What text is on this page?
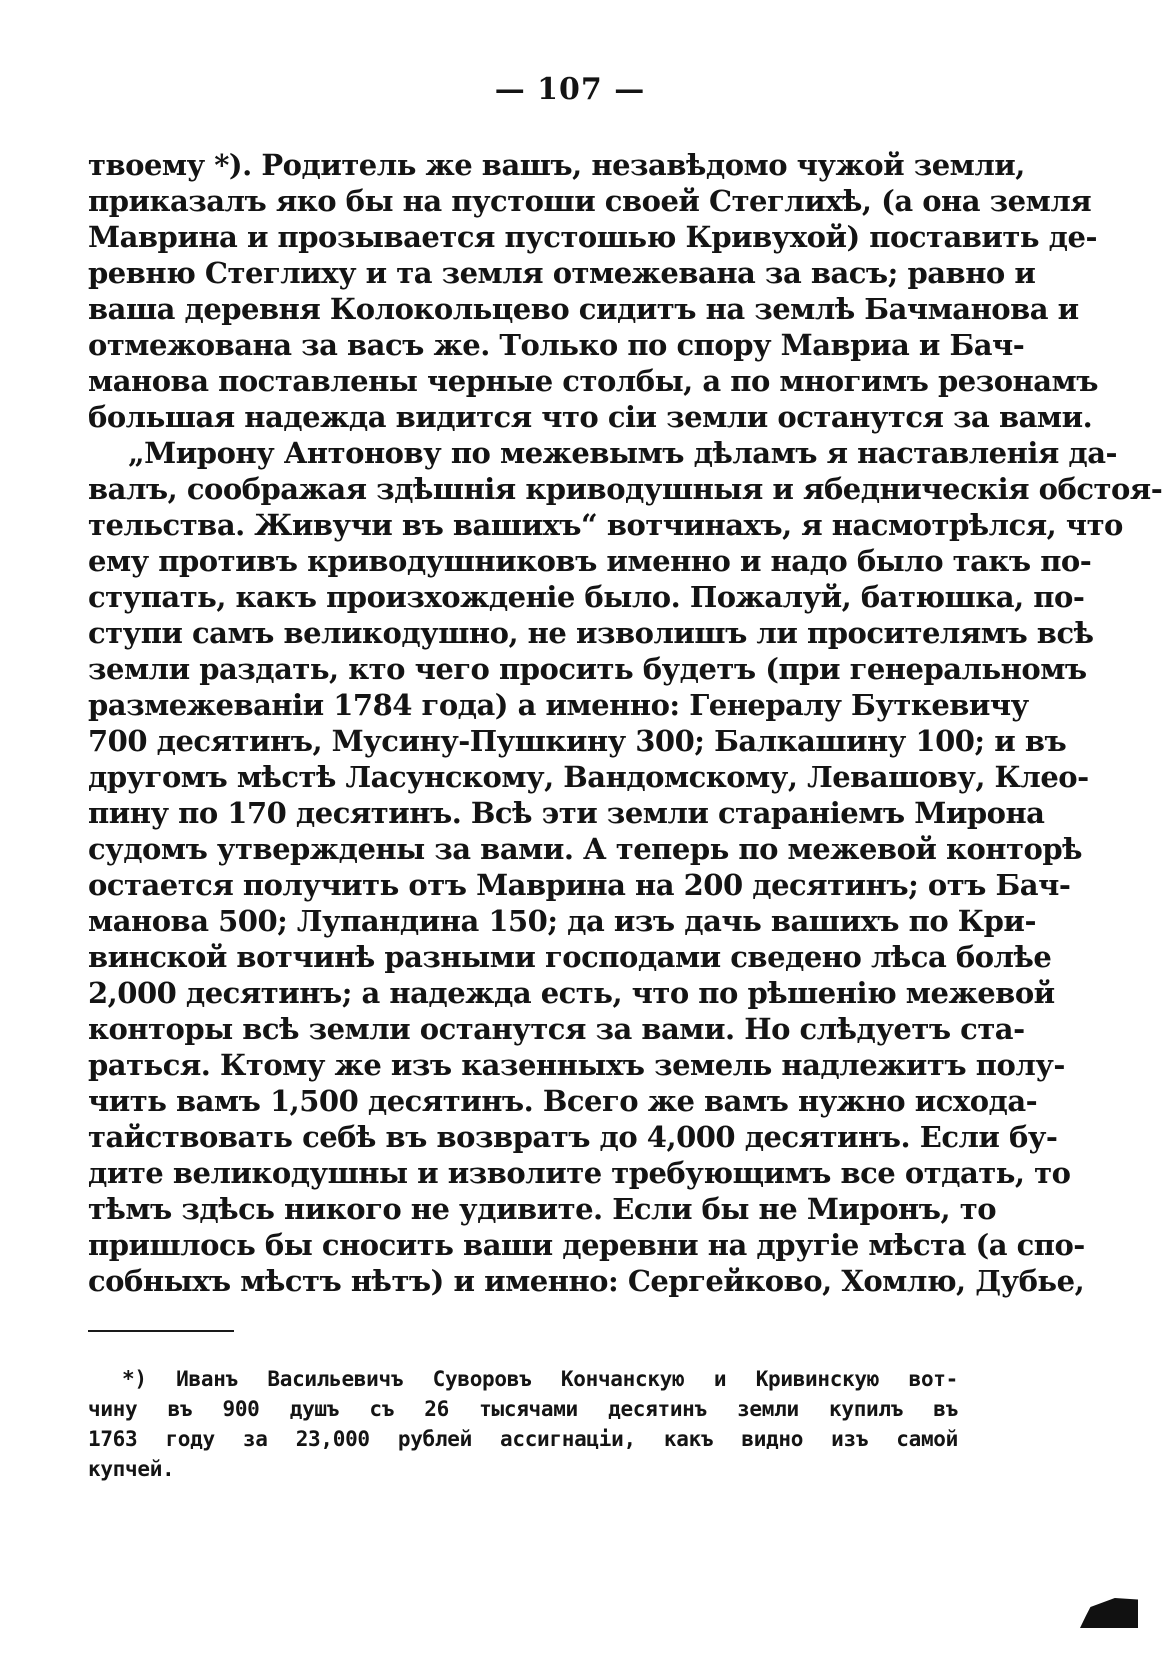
— 107 —
твоему *). Родитель же вашъ, незавѣдомо чужой земли,
приказалъ яко бы на пустоши своей Стеглихѣ, (а она земля
Маврина и прозывается пустошью Кривухой) поставить де-
ревню Стеглиху и та земля отмежевана за васъ; равно и
ваша деревня Колокольцево сидитъ на землѣ Бачманова и
отмежована за васъ же. Только по спору Мавриа и Бач-
манова поставлены черные столбы, а по многимъ резонамъ
большая надежда видится что сiи земли останутся за вами.
„Мирону Антонову по межевымъ дѣламъ я наставленiя да-
валъ, соображая здѣшнiя криводушныя и ябедническiя обстоя-
тельства. Живучи въ вашихъ“ вотчинахъ, я насмотрѣлся, что
ему противъ криводушниковъ именно и надо было такъ по-
ступать, какъ произхожденiе было. Пожалуй, батюшка, по-
ступи самъ великодушно, не изволишъ ли просителямъ всѣ
земли раздать, кто чего просить будетъ (при генеральномъ
размежеванiи 1784 года) а именно: Генералу Буткевичу
700 десятинъ, Мусину-Пушкину 300; Балкашину 100; и въ
другомъ мѣстѣ Ласунскому, Вандомскому, Левашову, Клео-
пину по 170 десятинъ. Всѣ эти земли старанiемъ Мирона
судомъ утверждены за вами. А теперь по межевой конторѣ
остается получить отъ Маврина на 200 десятинъ; отъ Бач-
манова 500; Лупандина 150; да изъ дачь вашихъ по Кри-
винской вотчинѣ разными господами сведено лѣса болѣе
2,000 десятинъ; а надежда есть, что по рѣшенiю межевой
конторы всѣ земли останутся за вами. Но слѣдуетъ ста-
раться. Ктому же изъ казенныхъ земель надлежитъ полу-
чить вамъ 1,500 десятинъ. Всего же вамъ нужно исхода-
тайствовать себѣ въ возвратъ до 4,000 десятинъ. Если бу-
дите великодушны и изволите требующимъ все отдать, то
тѣмъ здѣсь никого не удивите. Если бы не Миронъ, то
пришлось бы сносить ваши деревни на другiе мѣста (а спо-
собныхъ мѣстъ нѣтъ) и именно: Сергейково, Хомлю, Дубье,
*) Иванъ Васильевичъ Суворовъ Кончанскую и Кривинскую вот-
чину въ 900 душъ съ 26 тысячами десятинъ земли купилъ въ
1763 году за 23,000 рублей ассигнацiи, какъ видно изъ самой
купчей.
